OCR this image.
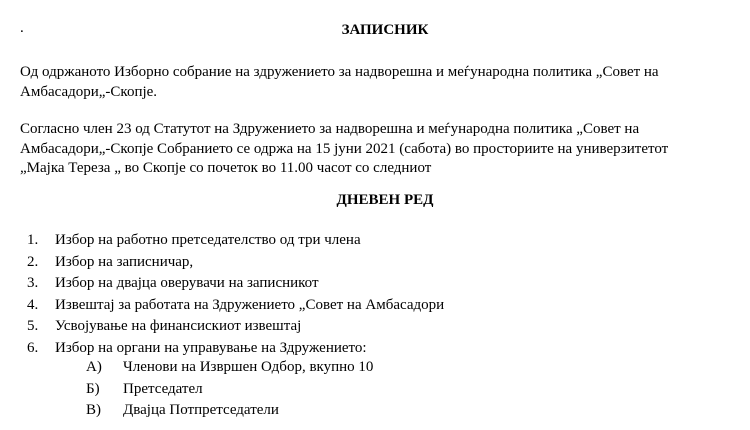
.	ЗАПИСНИК
Од одржаното Изборно собрание на здружението за надворешна и меѓународна политика „Совет на
Амбасадори„-Скопје.
Согласно член 23 од Статутот на Здружението за надворешна и меѓународна политика „Совет на
Амбасадори„-Скопје Собранието се одржа на 15 јуни 2021 (сабота) во просториите на универзитетот
„Мајка Тереза „ во Скопје со почеток во 11.00 часот со следниот
ДНЕВЕН РЕД
1. Избор на работно претседателство од три члена
2. Избор на записничар,
3. Избор на двајца оверувачи на записникот
4. Извештај за работата на Здружението „Совет на Амбасадори
5. Усвојување на финансискиот извештај
6. Избор на органи на управување на Здружението:
А) Членови на Извршен Одбор, вкупно 10
Б) Претседател
В) Двајца Потпретседатели
